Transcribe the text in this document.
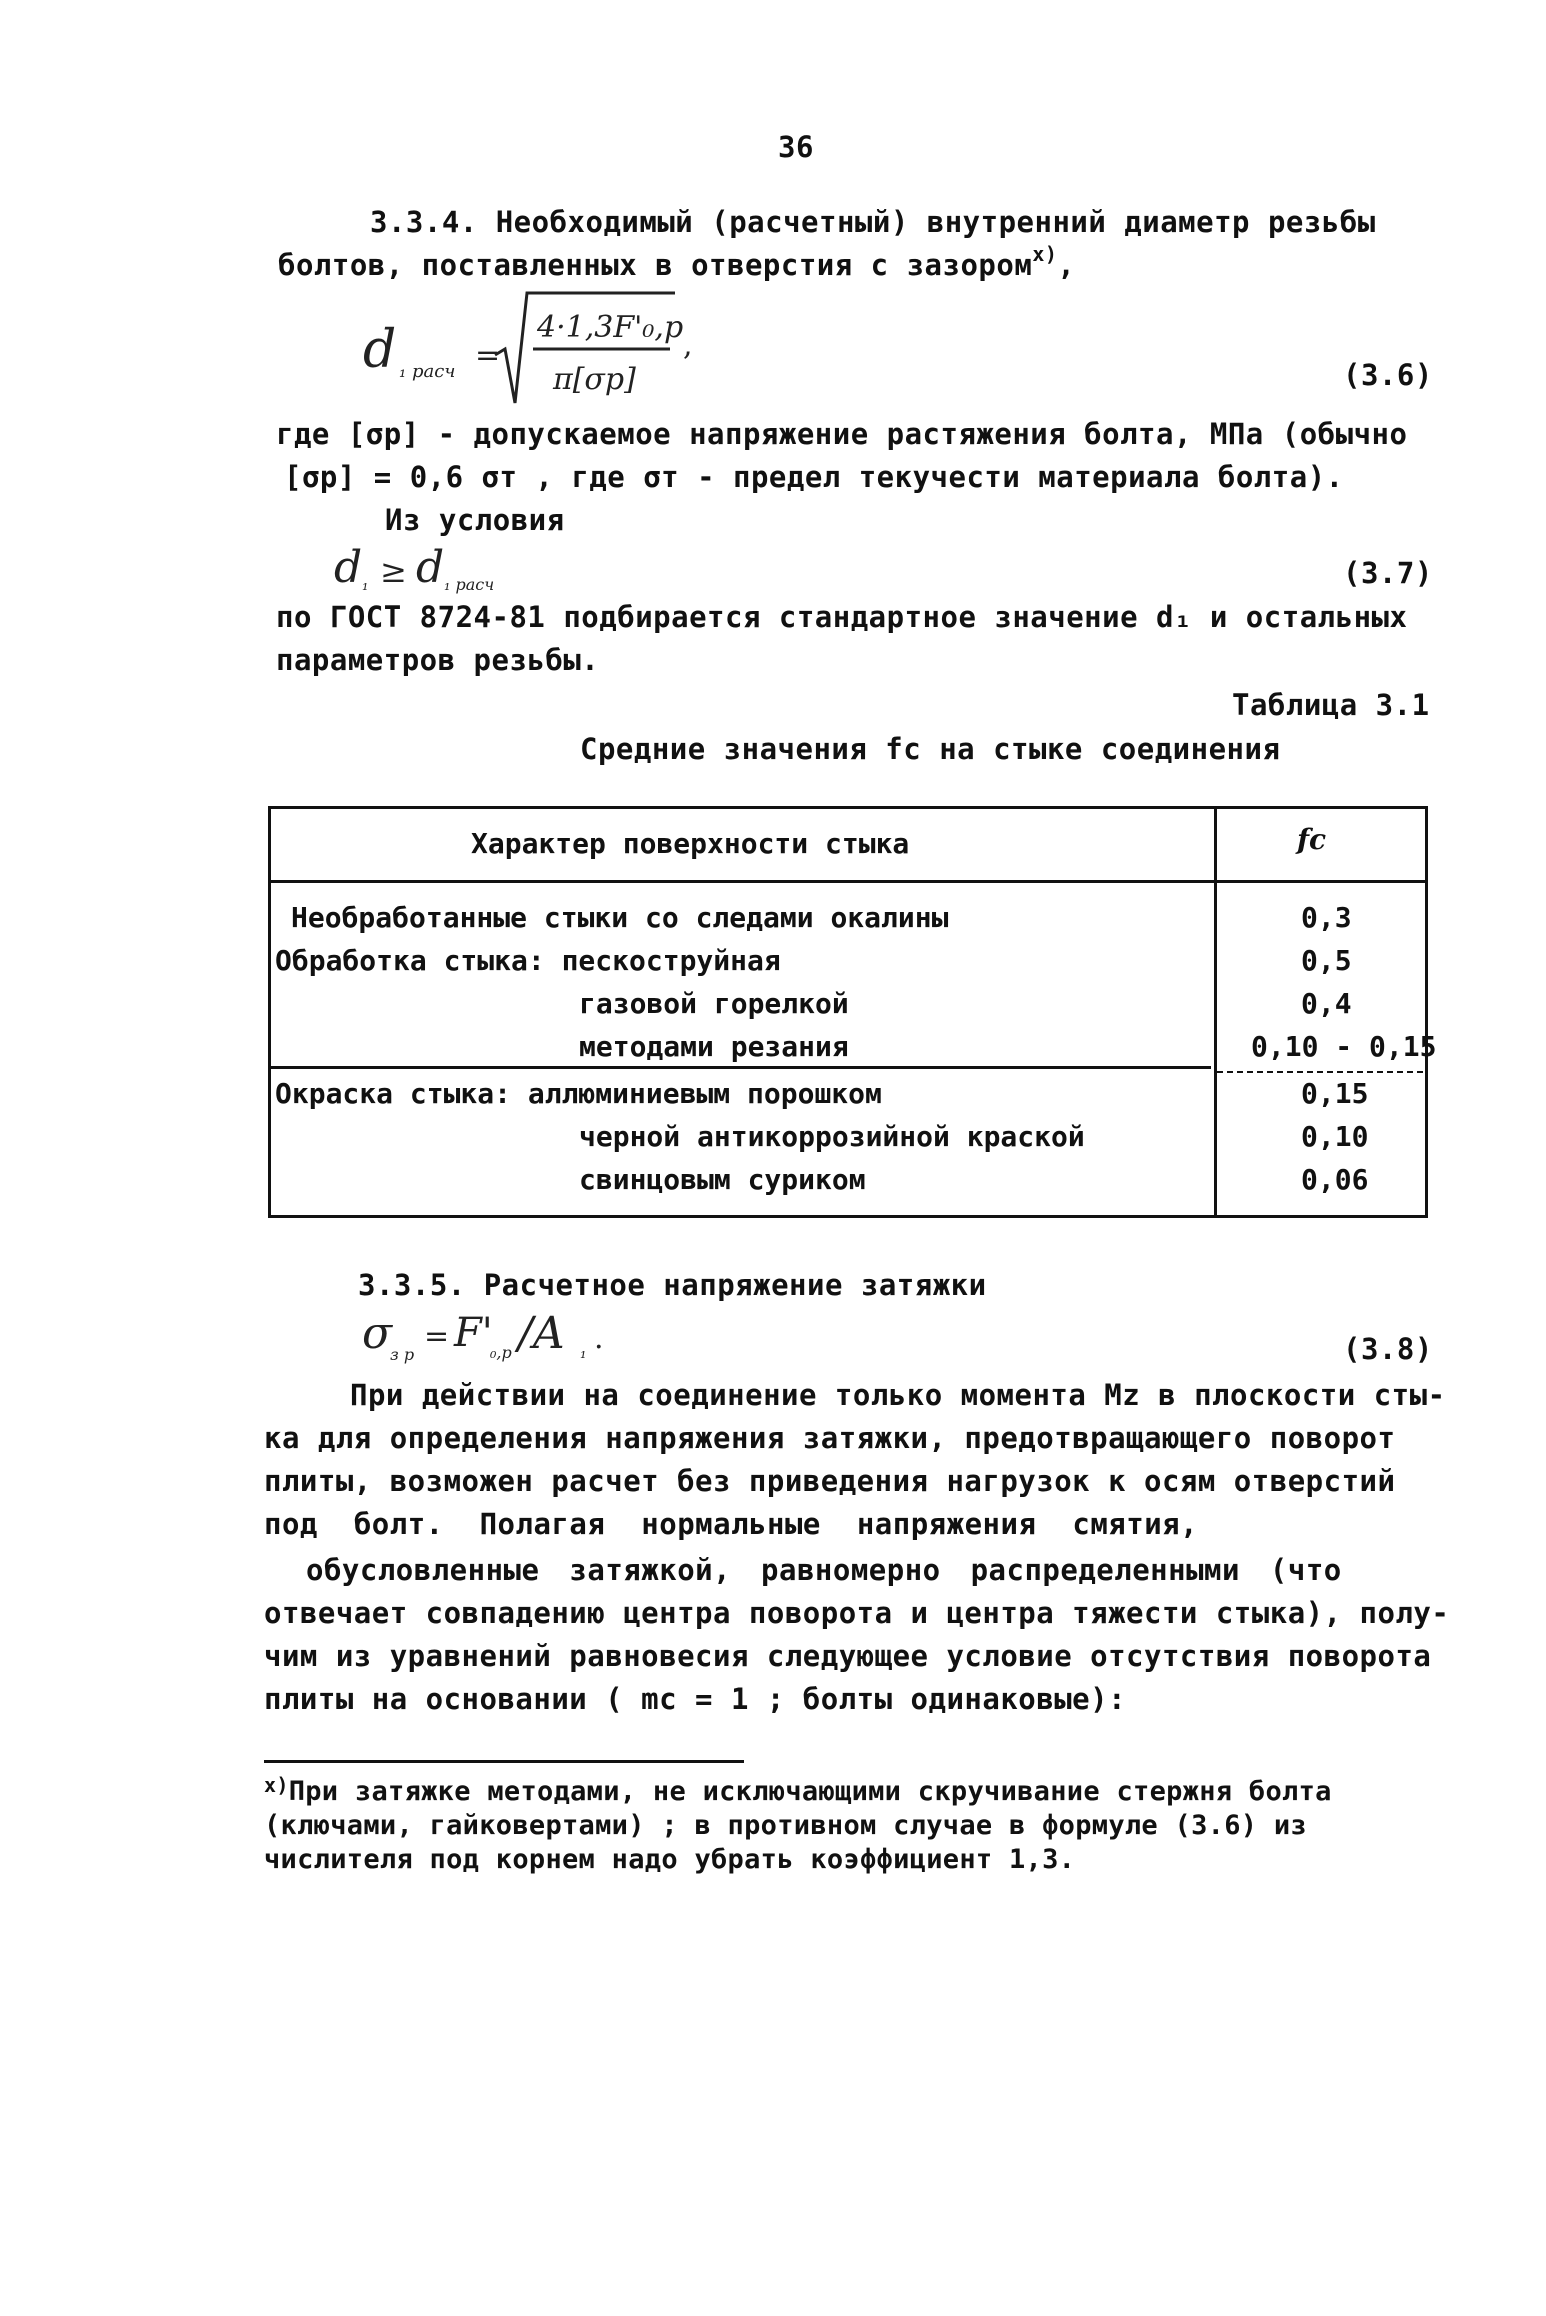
36
3.3.4. Необходимый (расчетный) внутренний диаметр резьбы
болтов, поставленных в отверстия с зазором$^{x)}$,
d ₁ расч =
4·1,3F'₀,р
π[σр]
,
(3.6)
где [σр] - допускаемое напряжение растяжения болта, МПа (обычно
[σр] = 0,6 σт , где σт - предел текучести материала болта).
Из условия
d ₁ ≥ d ₁ расч	(3.7)
по ГОСТ 8724-81 подбирается стандартное значение d₁ и остальных
параметров резьбы.
Таблица 3.1
Средние значения fс на стыке соединения
Характер поверхности стыка	fс
Необработанные стыки со следами окалины	0,3
Обработка стыка: пескоструйная	0,5
газовой горелкой	0,4
методами резания	0,10 - 0,15
Окраска стыка: аллюминиевым порошком	0,15
черной антикоррозийной краской	0,10
свинцовым суриком	0,06
3.3.5. Расчетное напряжение затяжки
σ
з р
= F'
₀,р /A ₁ .	(3.8)
При действии на соединение только момента Mz в плоскости сты-
ка для определения напряжения затяжки, предотвращающего поворот
плиты, возможен расчет без приведения нагрузок к осям отверстий
под болт. Полагая нормальные напряжения смятия,
обусловленные затяжкой, равномерно распределенными (что
отвечает совпадению центра поворота и центра тяжести стыка), полу-
чим из уравнений равновесия следующее условие отсутствия поворота
плиты на основании ( mс = 1 ; болты одинаковые):
$^{x)}$При затяжке методами, не исключающими скручивание стержня болта
(ключами, гайковертами) ; в противном случае в формуле (3.6) из
числителя под корнем надо убрать коэффициент 1,3.
